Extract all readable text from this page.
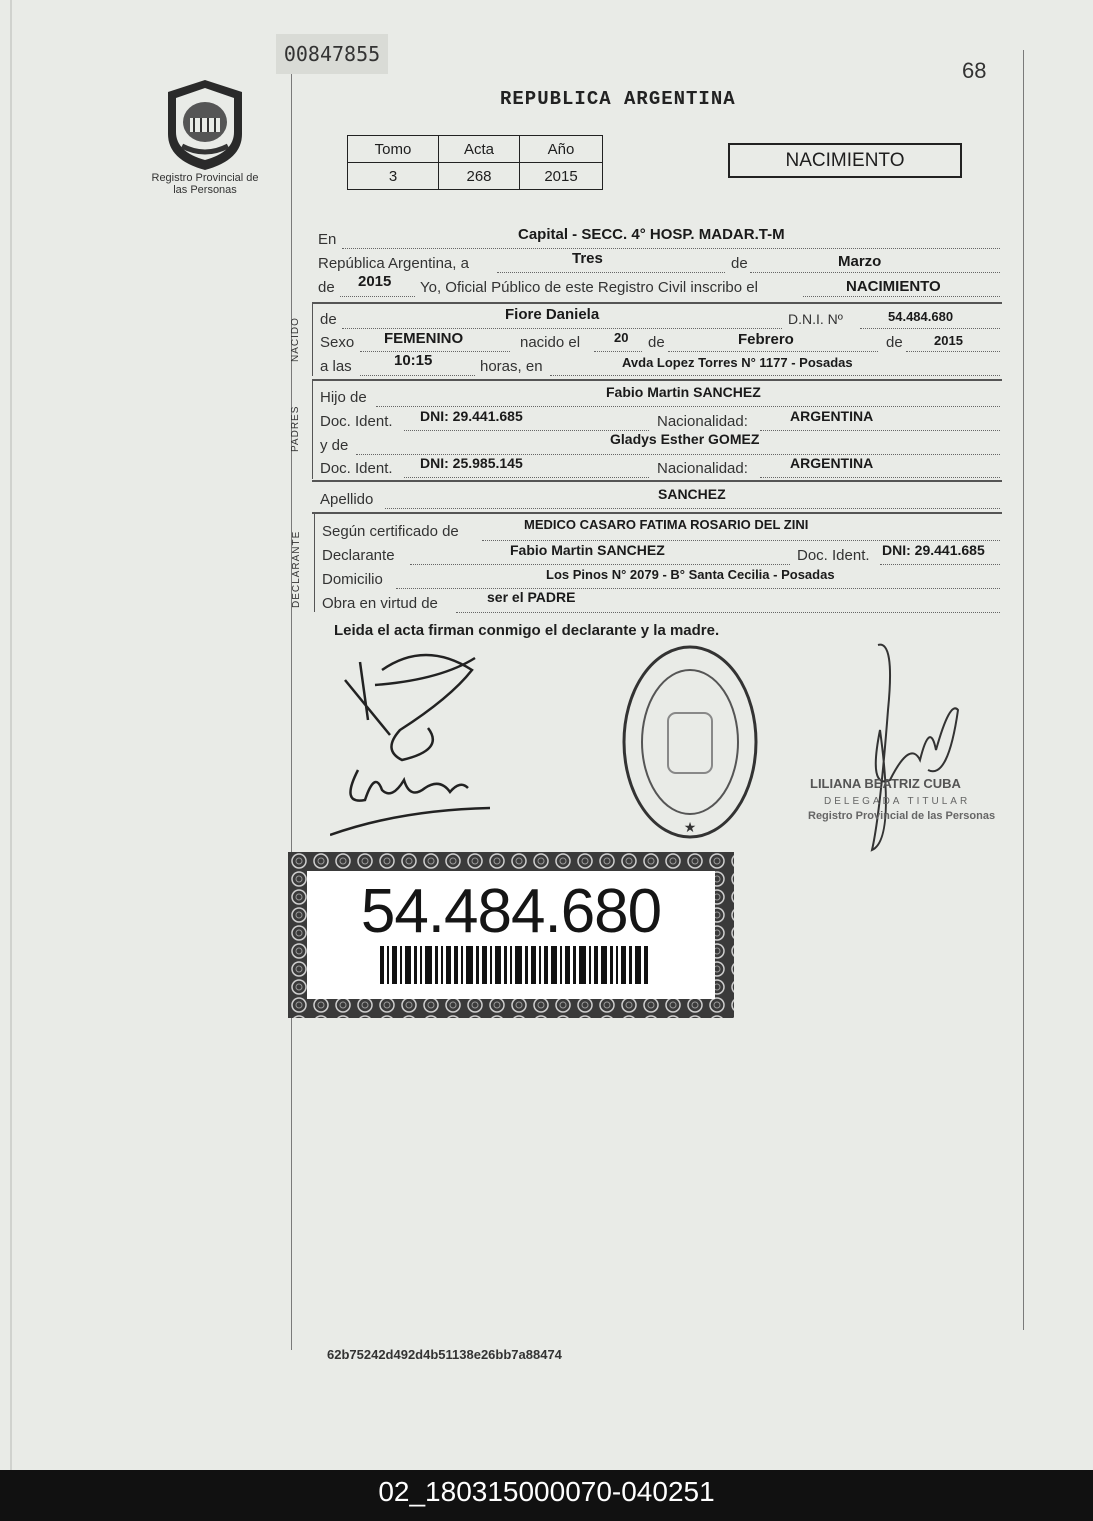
00847855
68
Registro Provincial de las Personas
REPUBLICA ARGENTINA
Tomo	Acta	Año
3	268	2015
NACIMIENTO
En	Capital - SECC. 4° HOSP. MADAR.T-M
República Argentina, a	Tres	de	Marzo
de 2015 Yo, Oficial Público de este Registro Civil inscribo el	NACIMIENTO
NACIDO de	Fiore Daniela	D.N.I. Nº	54.484.680
Sexo FEMENINO	nacido el	20 de	Febrero	de 2015
a las	10:15	horas, en	Avda Lopez Torres N° 1177 - Posadas
PADRES
Hijo de	Fabio Martin SANCHEZ
Doc. Ident. DNI: 29.441.685	Nacionalidad:	ARGENTINA
y de	Gladys Esther GOMEZ
Doc. Ident. DNI: 25.985.145	Nacionalidad:	ARGENTINA
Apellido	SANCHEZ
DECLARANTE Según certificado de	MEDICO CASARO FATIMA ROSARIO DEL ZINI
Declarante	Fabio Martin SANCHEZ	Doc. Ident. DNI: 29.441.685
Domicilio	Los Pinos N° 2079 - B° Santa Cecilia - Posadas
Obra en virtud de	ser el PADRE
Leida el acta firman conmigo el declarante y la madre.
★
LILIANA BEATRIZ CUBA
DELEGADA TITULAR
Registro Provincial de las Personas
54.484.680
62b75242d492d4b51138e26bb7a88474
02_180315000070-040251
